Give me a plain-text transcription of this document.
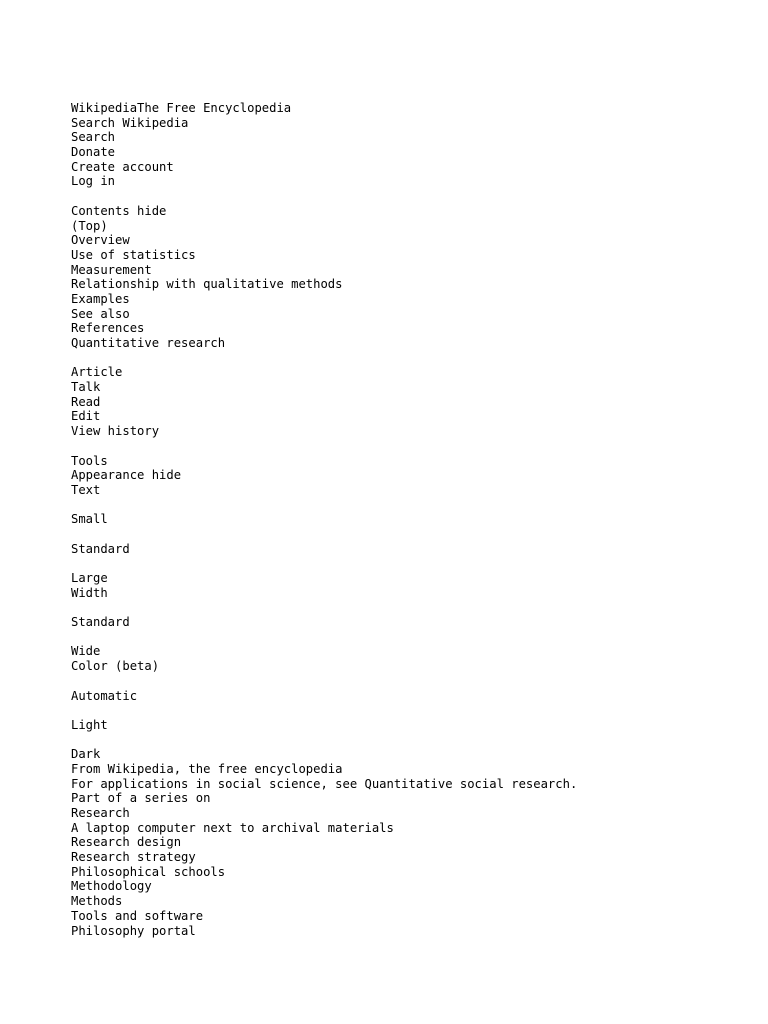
WikipediaThe Free Encyclopedia
Search Wikipedia
Search
Donate
Create account
Log in
Contents hide
(Top)
Overview
Use of statistics
Measurement
Relationship with qualitative methods
Examples
See also
References
Quantitative research
Article
Talk
Read
Edit
View history
Tools
Appearance hide
Text
Small
Standard
Large
Width
Standard
Wide
Color (beta)
Automatic
Light
Dark
From Wikipedia, the free encyclopedia
For applications in social science, see Quantitative social research.
Part of a series on
Research
A laptop computer next to archival materials
Research design
Research strategy
Philosophical schools
Methodology
Methods
Tools and software
Philosophy portal
